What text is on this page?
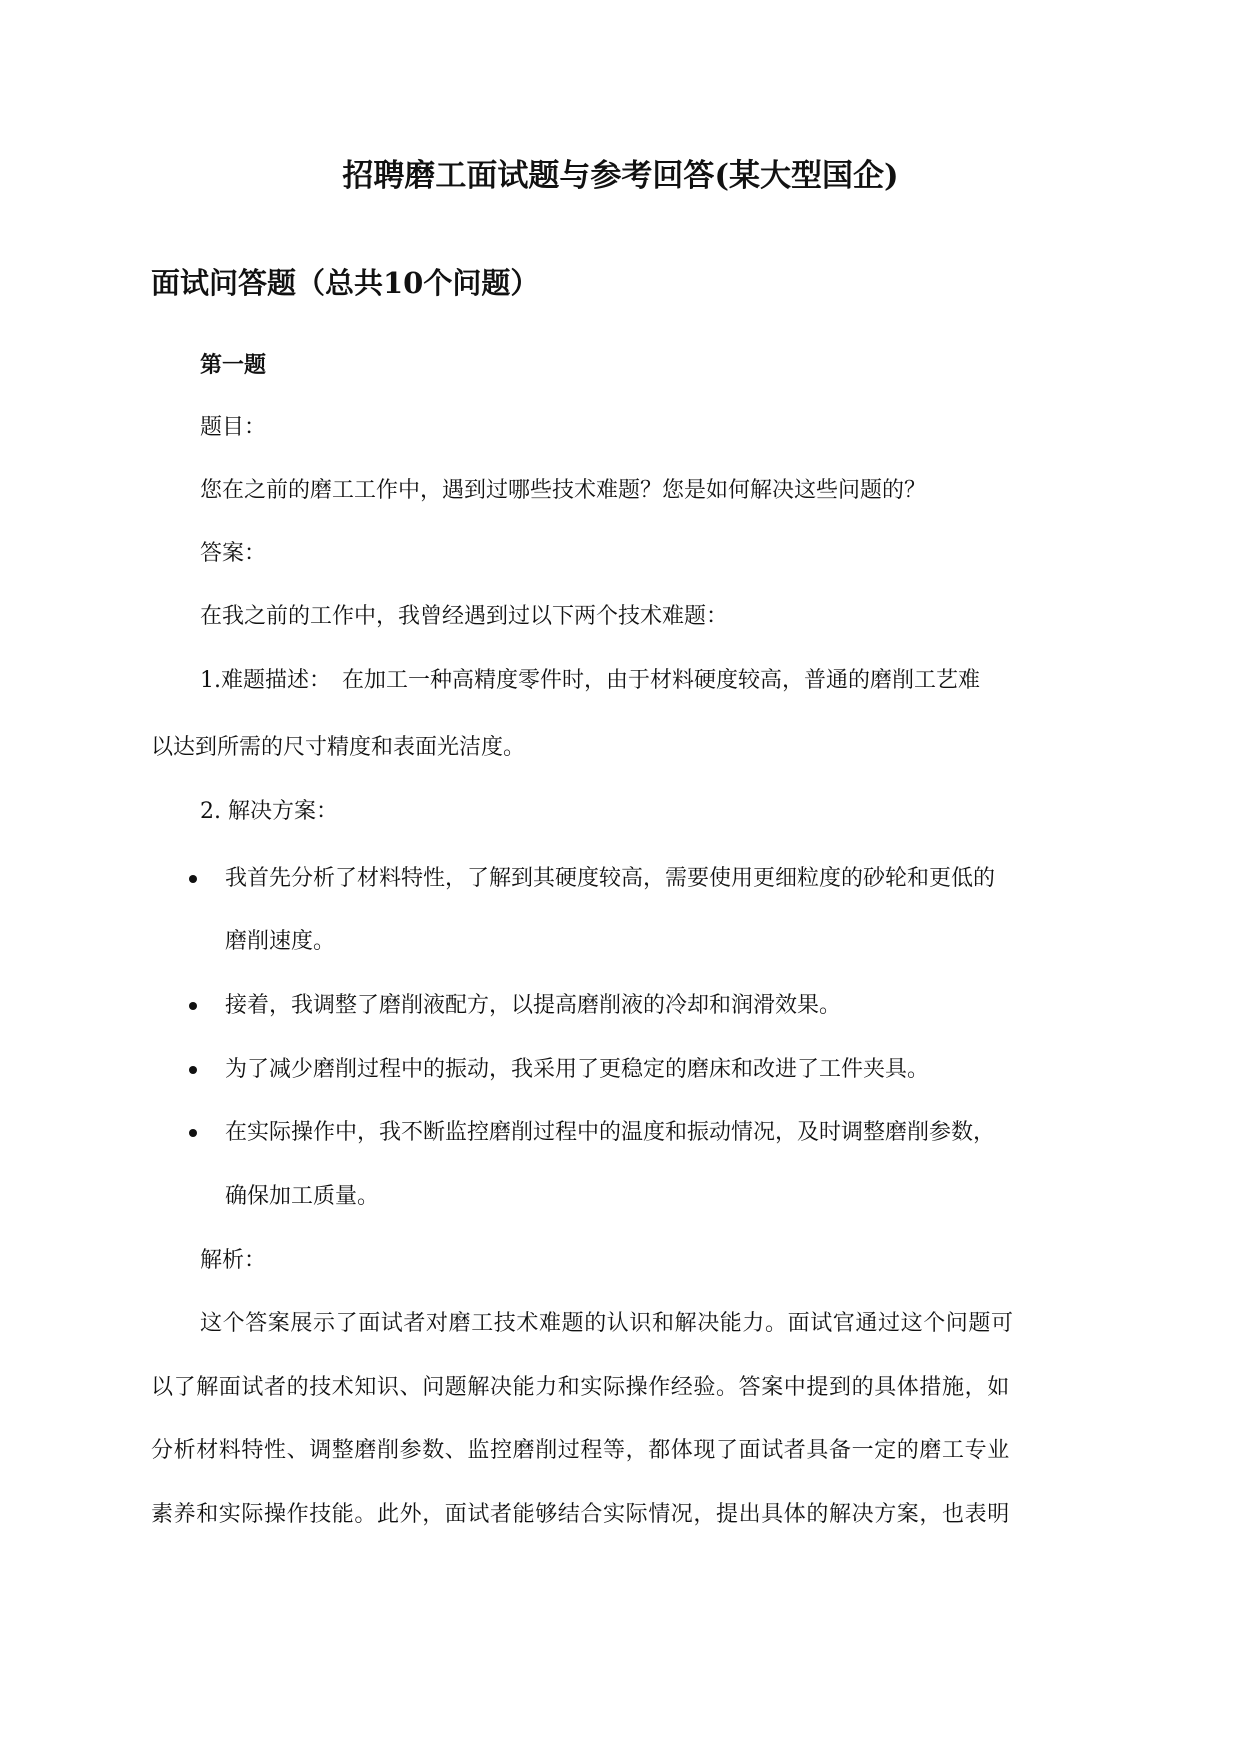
招聘磨工面试题与参考回答(某大型国企)
面试问答题（总共10个问题）
第一题
题目：
您在之前的磨工工作中，遇到过哪些技术难题？您是如何解决这些问题的？
答案：
在我之前的工作中，我曾经遇到过以下两个技术难题：
1.难题描述：　在加工一种高精度零件时，由于材料硬度较高，普通的磨削工艺难
以达到所需的尺寸精度和表面光洁度。
2. 解决方案：
我首先分析了材料特性，了解到其硬度较高，需要使用更细粒度的砂轮和更低的
磨削速度。
接着，我调整了磨削液配方，以提高磨削液的冷却和润滑效果。
为了减少磨削过程中的振动，我采用了更稳定的磨床和改进了工件夹具。
在实际操作中，我不断监控磨削过程中的温度和振动情况，及时调整磨削参数，
确保加工质量。
解析：
这个答案展示了面试者对磨工技术难题的认识和解决能力。面试官通过这个问题可
以了解面试者的技术知识、问题解决能力和实际操作经验。答案中提到的具体措施，如
分析材料特性、调整磨削参数、监控磨削过程等，都体现了面试者具备一定的磨工专业
素养和实际操作技能。此外，面试者能够结合实际情况，提出具体的解决方案，也表明
